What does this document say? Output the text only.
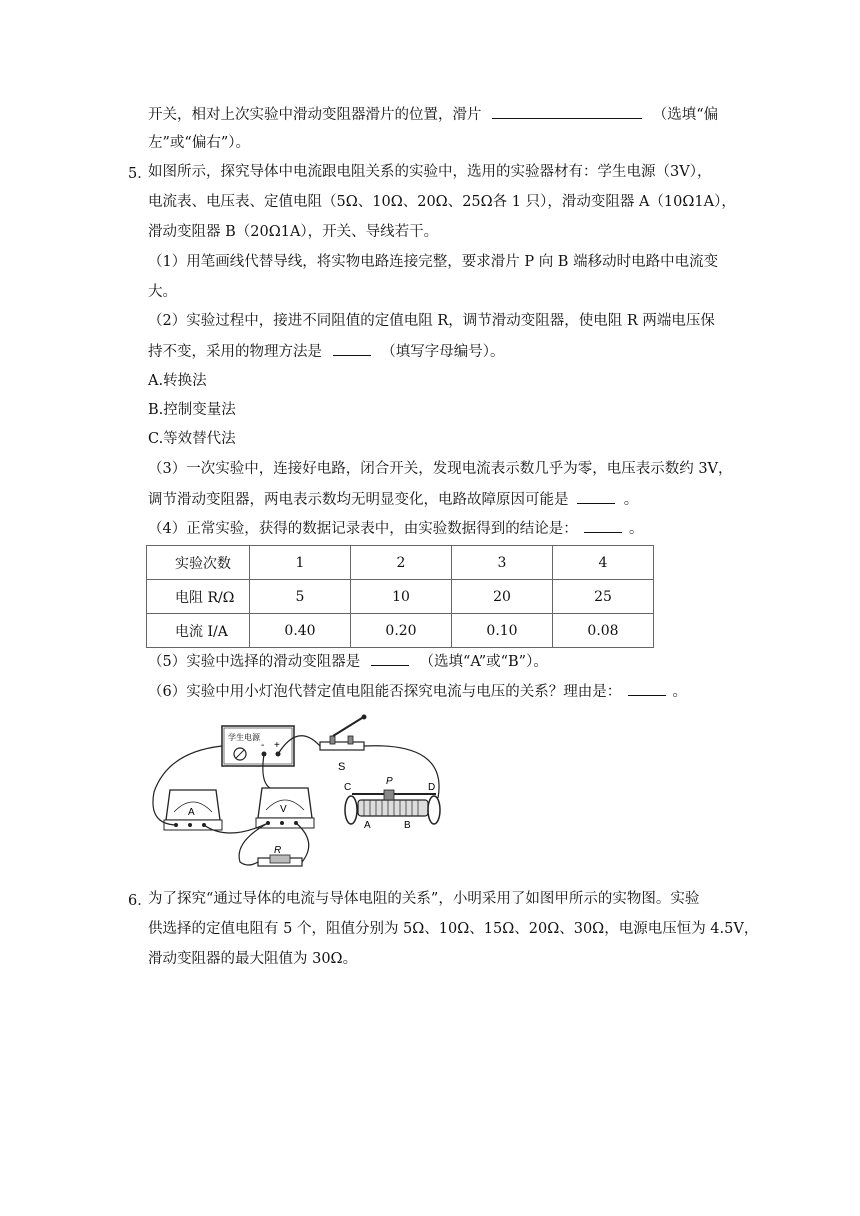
开关，相对上次实验中滑动变阻器滑片的位置，滑片	（选填“偏
左”或“偏右”）。
5．
如图所示，探究导体中电流跟电阻关系的实验中，选用的实验器材有：学生电源（3V），
电流表、电压表、定值电阻（5Ω、10Ω、20Ω、25Ω各 1 只），滑动变阻器 A（10Ω1A），
滑动变阻器 B（20Ω1A），开关、导线若干。
（1）用笔画线代替导线，将实物电路连接完整，要求滑片 P 向 B 端移动时电路中电流变
大。
（2）实验过程中，接进不同阻值的定值电阻 R，调节滑动变阻器，使电阻 R 两端电压保
持不变，采用的物理方法是	（填写字母编号）。
A.转换法
B.控制变量法
C.等效替代法
（3）一次实验中，连接好电路，闭合开关，发现电流表示数几乎为零，电压表示数约 3V，
调节滑动变阻器，两电表示数均无明显变化，电路故障原因可能是	。
（4）正常实验，获得的数据记录表中，由实验数据得到的结论是：	。
实验次数	1	2	3	4
电阻 R/Ω	5	10	20	25
电流 I/A	0.40	0.20	0.10	0.08
（5）实验中选择的滑动变阻器是	（选填“A”或“B”）。
（6）实验中用小灯泡代替定值电阻能否探究电流与电压的关系？理由是：	。
学生电源
- +
S
A	V
R
C
P
D
A	B
6．
为了探究“通过导体的电流与导体电阻的关系”，小明采用了如图甲所示的实物图。实验
供选择的定值电阻有 5 个，阻值分别为 5Ω、10Ω、15Ω、20Ω、30Ω，电源电压恒为 4.5V，
滑动变阻器的最大阻值为 30Ω。
